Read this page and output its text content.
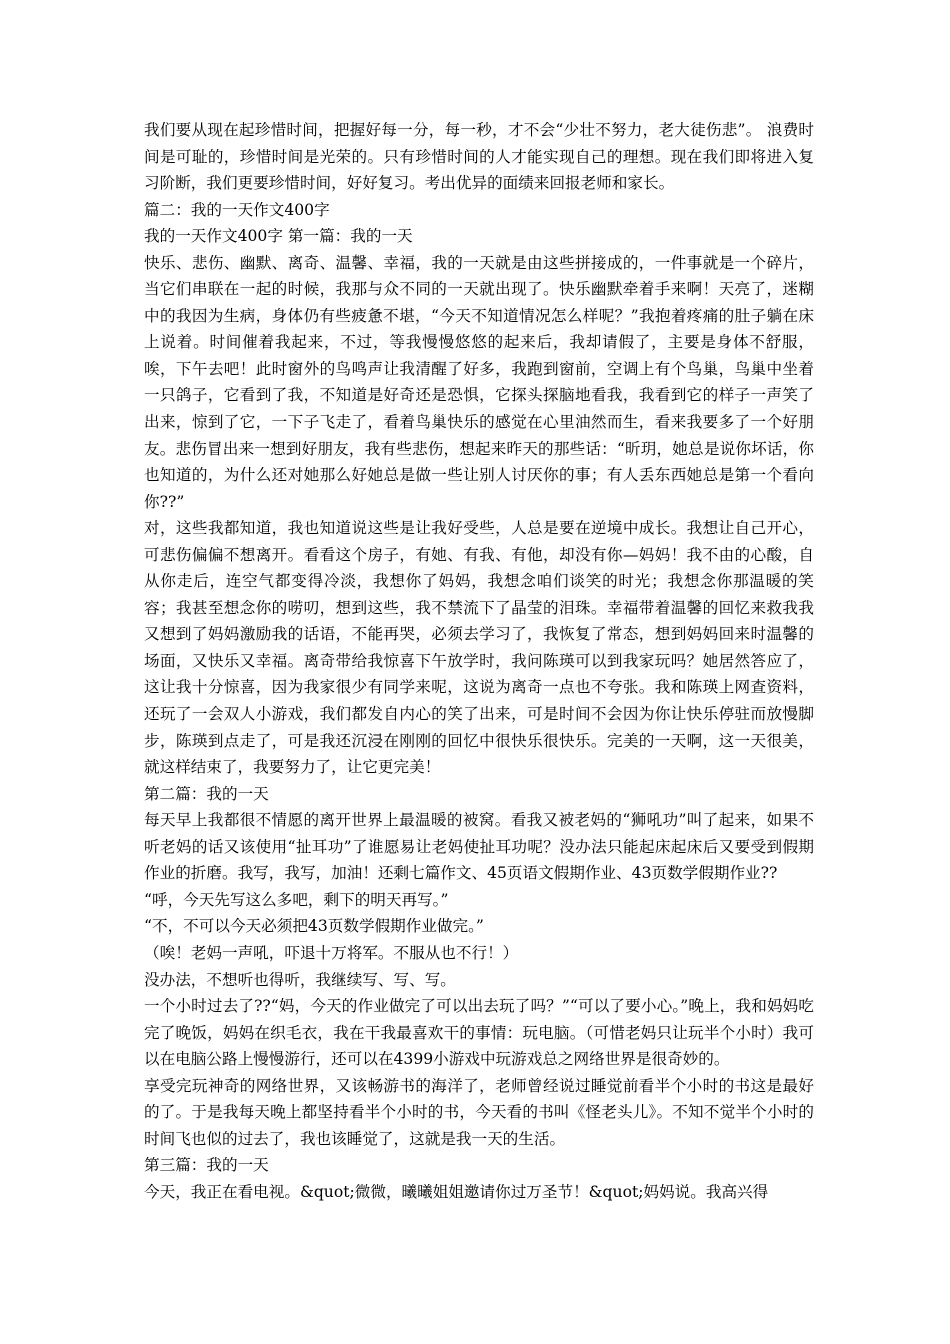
我们要从现在起珍惜时间，把握好每一分，每一秒，才不会“少壮不努力，老大徒伤悲”。 浪费时间是可耻的，珍惜时间是光荣的。只有珍惜时间的人才能实现自己的理想。现在我们即将进入复习阶断，我们更要珍惜时间，好好复习。考出优异的面绩来回报老师和家长。

篇二：我的一天作文400字

我的一天作文400字 第一篇：我的一天

快乐、悲伤、幽默、离奇、温馨、幸福，我的一天就是由这些拼接成的，一件事就是一个碎片，当它们串联在一起的时候，我那与众不同的一天就出现了。快乐幽默牵着手来啊！天亮了，迷糊中的我因为生病，身体仍有些疲惫不堪，“今天不知道情况怎么样呢？”我抱着疼痛的肚子躺在床上说着。时间催着我起来，不过，等我慢慢悠悠的起来后，我却请假了，主要是身体不舒服，唉，下午去吧！此时窗外的鸟鸣声让我清醒了好多，我跑到窗前，空调上有个鸟巢，鸟巢中坐着一只鸽子，它看到了我，不知道是好奇还是恐惧，它探头探脑地看我，我看到它的样子一声笑了出来，惊到了它，一下子飞走了，看着鸟巢快乐的感觉在心里油然而生，看来我要多了一个好朋友。悲伤冒出来一想到好朋友，我有些悲伤，想起来昨天的那些话：“昕玥，她总是说你坏话，你也知道的，为什么还对她那么好她总是做一些让别人讨厌你的事；有人丢东西她总是第一个看向你??”

对，这些我都知道，我也知道说这些是让我好受些，人总是要在逆境中成长。我想让自己开心，可悲伤偏偏不想离开。看看这个房子，有她、有我、有他，却没有你—妈妈！我不由的心酸，自从你走后，连空气都变得冷淡，我想你了妈妈，我想念咱们谈笑的时光；我想念你那温暖的笑容；我甚至想念你的唠叨，想到这些，我不禁流下了晶莹的泪珠。幸福带着温馨的回忆来救我我又想到了妈妈激励我的话语，不能再哭，必须去学习了，我恢复了常态，想到妈妈回来时温馨的场面，又快乐又幸福。离奇带给我惊喜下午放学时，我问陈瑛可以到我家玩吗？她居然答应了，这让我十分惊喜，因为我家很少有同学来呢，这说为离奇一点也不夸张。我和陈瑛上网查资料，还玩了一会双人小游戏，我们都发自内心的笑了出来，可是时间不会因为你让快乐停驻而放慢脚步，陈瑛到点走了，可是我还沉浸在刚刚的回忆中很快乐很快乐。完美的一天啊，这一天很美，就这样结束了，我要努力了，让它更完美！

第二篇：我的一天

每天早上我都很不情愿的离开世界上最温暖的被窝。看我又被老妈的“狮吼功”叫了起来，如果不听老妈的话又该使用“扯耳功”了谁愿易让老妈使扯耳功呢？没办法只能起床起床后又要受到假期作业的折磨。我写，我写，加油！还剩七篇作文、45页语文假期作业、43页数学假期作业??

“呼，今天先写这么多吧，剩下的明天再写。”

“不，不可以今天必须把43页数学假期作业做完。”

（唉！老妈一声吼，吓退十万将军。不服从也不行！）

没办法，不想听也得听，我继续写、写、写。

一个小时过去了??“妈，今天的作业做完了可以出去玩了吗？”“可以了要小心。”晚上，我和妈妈吃完了晚饭，妈妈在织毛衣，我在干我最喜欢干的事情：玩电脑。（可惜老妈只让玩半个小时）我可以在电脑公路上慢慢游行，还可以在4399小游戏中玩游戏总之网络世界是很奇妙的。

享受完玩神奇的网络世界，又该畅游书的海洋了，老师曾经说过睡觉前看半个小时的书这是最好的了。于是我每天晚上都坚持看半个小时的书，今天看的书叫《怪老头儿》。不知不觉半个小时的时间飞也似的过去了，我也该睡觉了，这就是我一天的生活。

第三篇：我的一天

今天，我正在看电视。&quot;微微，曦曦姐姐邀请你过万圣节！&quot;妈妈说。我高兴得
